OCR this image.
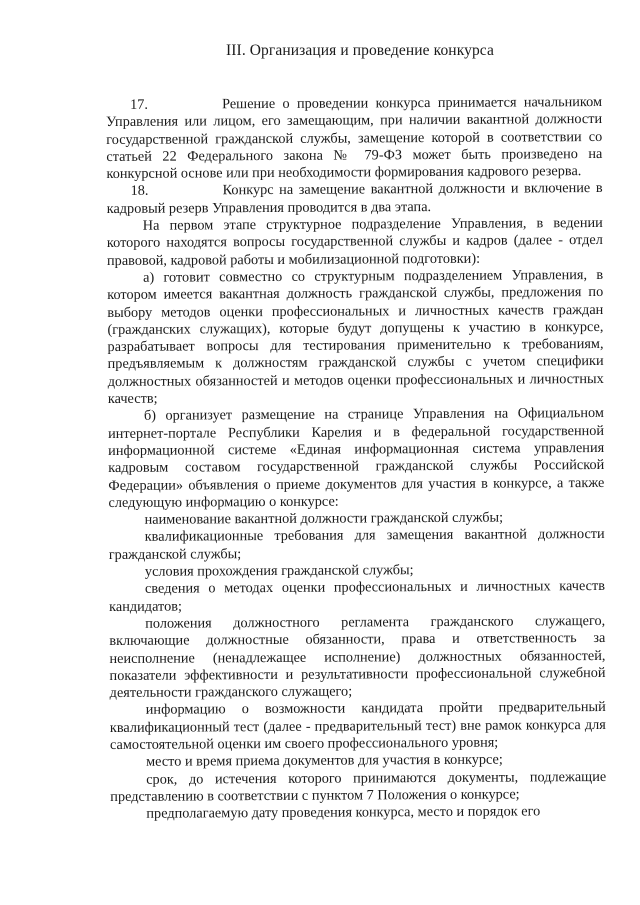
III. Организация и проведение конкурса

17.	Решение о проведении конкурса принимается начальником Управления или лицом, его замещающим, при наличии вакантной должности государственной гражданской службы, замещение которой в соответствии со статьей 22 Федерального закона № 79-ФЗ может быть произведено на конкурсной основе или при необходимости формирования кадрового резерва.

18.	Конкурс на замещение вакантной должности и включение в кадровый резерв Управления проводится в два этапа.

На первом этапе структурное подразделение Управления, в ведении которого находятся вопросы государственной службы и кадров (далее - отдел правовой, кадровой работы и мобилизационной подготовки):

а) готовит совместно со структурным подразделением Управления, в котором имеется вакантная должность гражданской службы, предложения по выбору методов оценки профессиональных и личностных качеств граждан (гражданских служащих), которые будут допущены к участию в конкурсе, разрабатывает вопросы для тестирования применительно к требованиям, предъявляемым к должностям гражданской службы с учетом специфики должностных обязанностей и методов оценки профессиональных и личностных качеств;

б) организует размещение на странице Управления на Официальном интернет-портале Республики Карелия и в федеральной государственной информационной системе «Единая информационная система управления кадровым составом государственной гражданской службы Российской Федерации» объявления о приеме документов для участия в конкурсе, а также следующую информацию о конкурсе:

наименование вакантной должности гражданской службы;

квалификационные требования для замещения вакантной должности гражданской службы;

условия прохождения гражданской службы;

сведения о методах оценки профессиональных и личностных качеств кандидатов;

положения должностного регламента гражданского служащего, включающие должностные обязанности, права и ответственность за неисполнение (ненадлежащее исполнение) должностных обязанностей, показатели эффективности и результативности профессиональной служебной деятельности гражданского служащего;

информацию о возможности кандидата пройти предварительный квалификационный тест (далее - предварительный тест) вне рамок конкурса для самостоятельной оценки им своего профессионального уровня;

место и время приема документов для участия в конкурсе;

срок, до истечения которого принимаются документы, подлежащие представлению в соответствии с пунктом 7 Положения о конкурсе;

предполагаемую дату проведения конкурса, место и порядок его
